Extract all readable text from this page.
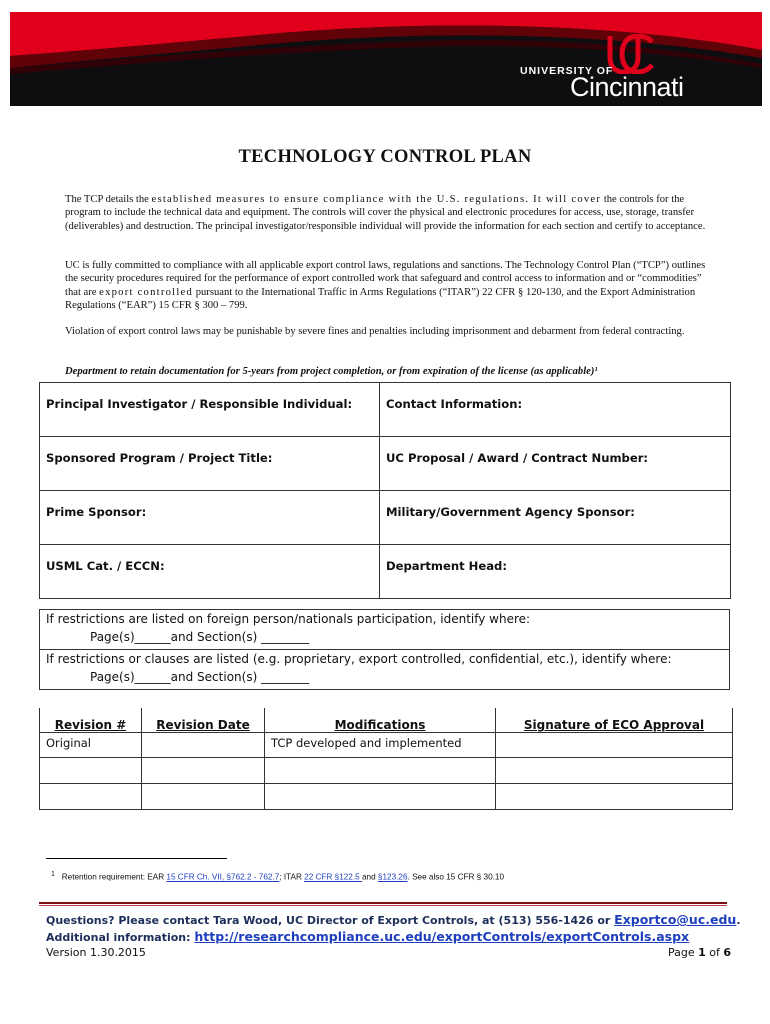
UNIVERSITY OF
Cincinnati
TECHNOLOGY CONTROL PLAN
The TCP details the established measures to ensure compliance with the U.S. regulations. It will cover the controls for the program to include the technical data and equipment. The controls will cover the physical and electronic procedures for access, use, storage, transfer (deliverables) and destruction. The principal investigator/responsible individual will provide the information for each section and certify to acceptance.
UC is fully committed to compliance with all applicable export control laws, regulations and sanctions. The Technology Control Plan (“TCP”) outlines the security procedures required for the performance of export controlled work that safeguard and control access to information and or “commodities” that are export controlled pursuant to the International Traffic in Arms Regulations (“ITAR”) 22 CFR § 120-130, and the Export Administration Regulations (“EAR”) 15 CFR § 300 – 799.
Violation of export control laws may be punishable by severe fines and penalties including imprisonment and debarment from federal contracting.
Department to retain documentation for 5-years from project completion, or from expiration of the license (as applicable)¹
Principal Investigator / Responsible Individual:	Contact Information:
Sponsored Program / Project Title:	UC Proposal / Award / Contract Number:
Prime Sponsor:	Military/Government Agency Sponsor:
USML Cat. / ECCN:	Department Head:
If restrictions are listed on foreign person/nationals participation, identify where:
Page(s)______and Section(s) ________
If restrictions or clauses are listed (e.g. proprietary, export controlled, confidential, etc.), identify where:
Page(s)______and Section(s) ________
Revision #	Revision Date	Modifications	Signature of ECO Approval
Original		TCP developed and implemented	

$^1$ Retention requirement: EAR 15 CFR Ch. VII, §762.2 - 762.7; ITAR 22 CFR §122.5 and §123.26. See also 15 CFR § 30.10
Questions? Please contact Tara Wood, UC Director of Export Controls, at (513) 556-1426 or Exportco@uc.edu.
Additional information: http://researchcompliance.uc.edu/exportControls/exportControls.aspx
Version 1.30.2015	Page 1 of 6
